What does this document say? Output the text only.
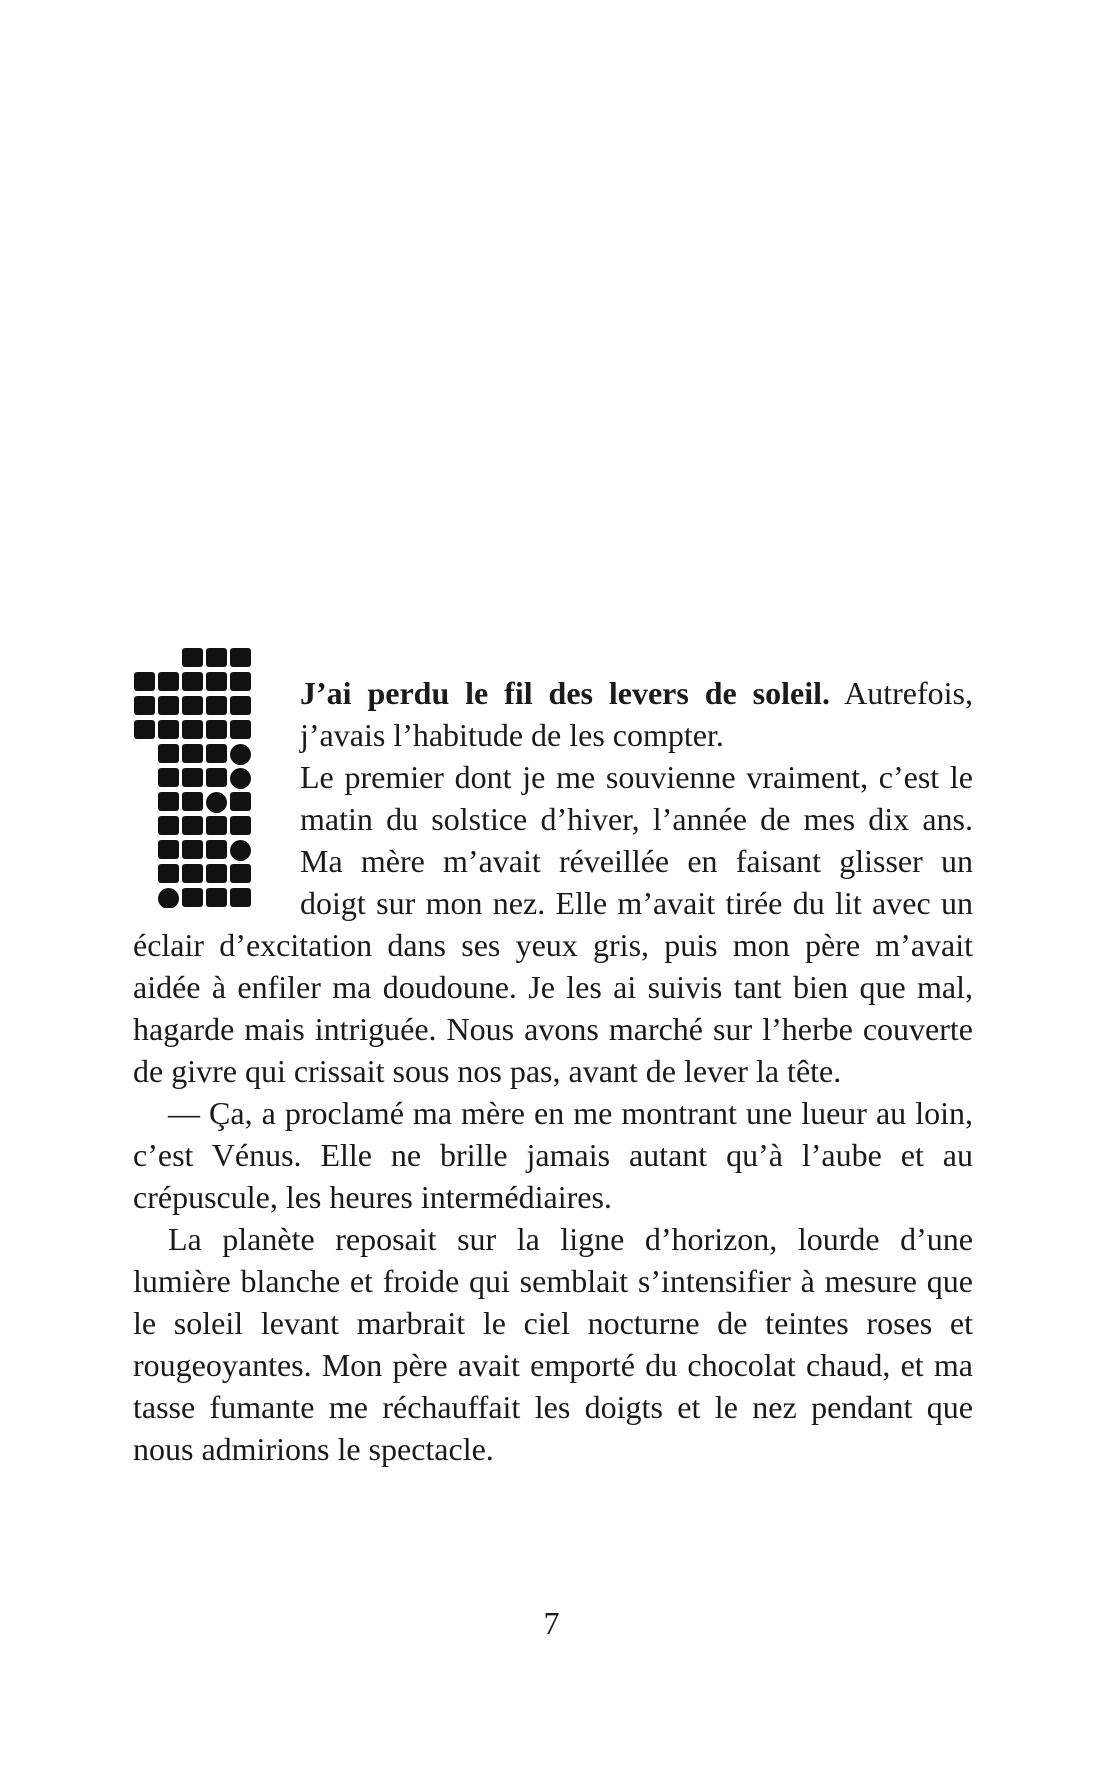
J’ai perdu le fil des levers de soleil. Autrefois, j’avais l’habitude de les compter.

Le premier dont je me souvienne vraiment, c’est le matin du solstice d’hiver, l’année de mes dix ans. Ma mère m’avait réveillée en faisant glisser un doigt sur mon nez. Elle m’avait tirée du lit avec un éclair d’excitation dans ses yeux gris, puis mon père m’avait aidée à enfiler ma doudoune. Je les ai suivis tant bien que mal, hagarde mais intriguée. Nous avons marché sur l’herbe couverte de givre qui crissait sous nos pas, avant de lever la tête.

— Ça, a proclamé ma mère en me montrant une lueur au loin, c’est Vénus. Elle ne brille jamais autant qu’à l’aube et au crépuscule, les heures intermédiaires.

La planète reposait sur la ligne d’horizon, lourde d’une lumière blanche et froide qui semblait s’intensifier à mesure que le soleil levant marbrait le ciel nocturne de teintes roses et rougeoyantes. Mon père avait emporté du chocolat chaud, et ma tasse fumante me réchauffait les doigts et le nez pendant que nous admirions le spectacle.

7
